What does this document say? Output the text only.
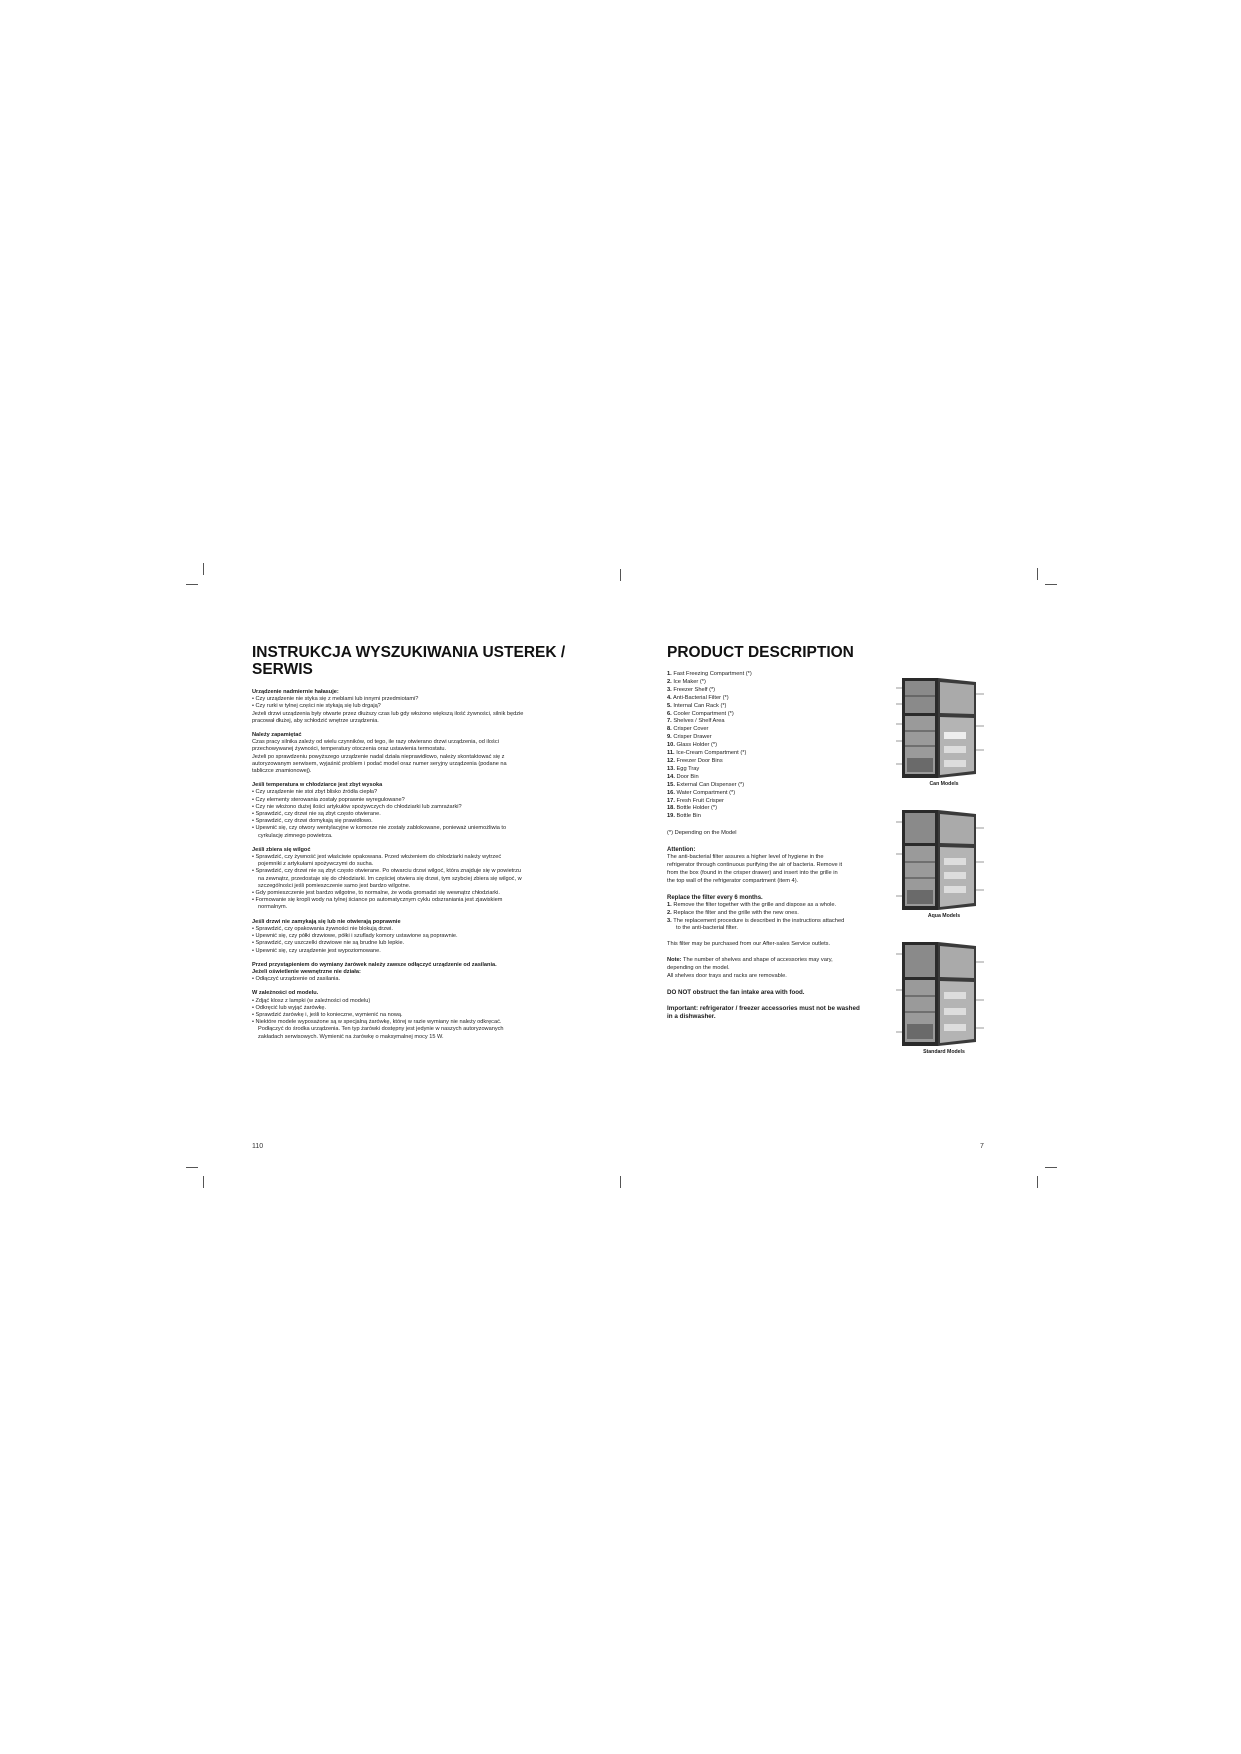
INSTRUKCJA WYSZUKIWANIA USTEREK /
SERWIS
Urządzenie nadmiernie hałasuje:
• Czy urządzenie nie styka się z meblami lub innymi przedmiotami?
• Czy rurki w tylnej części nie stykają się lub drgają?
Jeżeli drzwi urządzenia były otwarte przez dłuższy czas lub gdy włożono większą ilość żywności, silnik będzie
pracował dłużej, aby schłodzić wnętrze urządzenia.
Należy zapamiętać
Czas pracy silnika zależy od wielu czynników, od tego, ile razy otwierano drzwi urządzenia, od ilości
przechowywanej żywności, temperatury otoczenia oraz ustawienia termostatu.
Jeżeli po sprawdzeniu powyższego urządzenie nadal działa nieprawidłowo, należy skontaktować się z
autoryzowanym serwisem, wyjaśnić problem i podać model oraz numer seryjny urządzenia (podane na
tabliczce znamionowej).
Jeśli temperatura w chłodziarce jest zbyt wysoka
• Czy urządzenie nie stoi zbyt blisko źródła ciepła?
• Czy elementy sterowania zostały poprawnie wyregulowane?
• Czy nie włożono dużej ilości artykułów spożywczych do chłodziarki lub zamrażarki?
• Sprawdzić, czy drzwi nie są zbyt często otwierane.
• Sprawdzić, czy drzwi domykają się prawidłowo.
• Upewnić się, czy otwory wentylacyjne w komorze nie zostały zablokowane, ponieważ uniemożliwia to
cyrkulację zimnego powietrza.
Jeśli zbiera się wilgoć
• Sprawdzić, czy żywność jest właściwie opakowana. Przed włożeniem do chłodziarki należy wytrzeć
pojemniki z artykułami spożywczymi do sucha.
• Sprawdzić, czy drzwi nie są zbyt często otwierane. Po otwarciu drzwi wilgoć, która znajduje się w powietrzu
na zewnątrz, przedostaje się do chłodziarki. Im częściej otwiera się drzwi, tym szybciej zbiera się wilgoć, w
szczególności jeśli pomieszczenie samo jest bardzo wilgotne.
• Gdy pomieszczenie jest bardzo wilgotne, to normalne, że woda gromadzi się wewnątrz chłodziarki.
• Formowanie się kropli wody na tylnej ściance po automatycznym cyklu odszraniania jest zjawiskiem
normalnym.
Jeśli drzwi nie zamykają się lub nie otwierają poprawnie
• Sprawdzić, czy opakowania żywności nie blokują drzwi.
• Upewnić się, czy półki drzwiowe, półki i szuflady komory ustawione są poprawnie.
• Sprawdzić, czy uszczelki drzwiowe nie są brudne lub lepkie.
• Upewnić się, czy urządzenie jest wypoziomowane.
Przed przystąpieniem do wymiany żarówek należy zawsze odłączyć urządzenie od zasilania.
Jeżeli oświetlenie wewnętrzne nie działa:
• Odłączyć urządzenie od zasilania.
W zależności od modelu.
• Zdjąć klosz z lampki (w zależności od modelu)
• Odkręcić lub wyjąć żarówkę.
• Sprawdzić żarówkę i, jeśli to konieczne, wymienić na nową.
• Niektóre modele wyposażone są w specjalną żarówkę, której w razie wymiany nie należy odkręcać.
Podłączyć do środka urządzenia. Ten typ żarówki dostępny jest jedynie w naszych autoryzowanych
zakładach serwisowych. Wymienić na żarówkę o maksymalnej mocy 15 W.
110
PRODUCT DESCRIPTION
1. Fast Freezing Compartment (*)
2. Ice Maker (*)
3. Freezer Shelf (*)
4. Anti-Bacterial Filter (*)
5. Internal Can Rack (*)
6. Cooler Compartment (*)
7. Shelves / Shelf Area
8. Crisper Cover
9. Crisper Drawer
10. Glass Holder (*)
11. Ice-Cream Compartment (*)
12. Freezer Door Bins
13. Egg Tray
14. Door Bin
15. External Can Dispenser (*)
16. Water Compartment (*)
17. Fresh Fruit Crisper
18. Bottle Holder (*)
19. Bottle Bin
(*) Depending on the Model
Attention:
The anti-bacterial filter assures a higher level of hygiene in the
refrigerator through continuous purifying the air of bacteria. Remove it
from the box (found in the crisper drawer) and insert into the grille in
the top wall of the refrigerator compartment (item 4).
Replace the filter every 6 months.
1. Remove the filter together with the grille and dispose as a whole.
2. Replace the filter and the grille with the new ones.
3. The replacement procedure is described in the instructions attached
to the anti-bacterial filter.
This filter may be purchased from our After-sales Service outlets.
Note: The number of shelves and shape of accessories may vary,
depending on the model.
All shelves door trays and racks are removable.
DO NOT obstruct the fan intake area with food.
Important: refrigerator / freezer accessories must not be washed
in a dishwasher.
Can Models
Aqua Models
Standard Models
7
